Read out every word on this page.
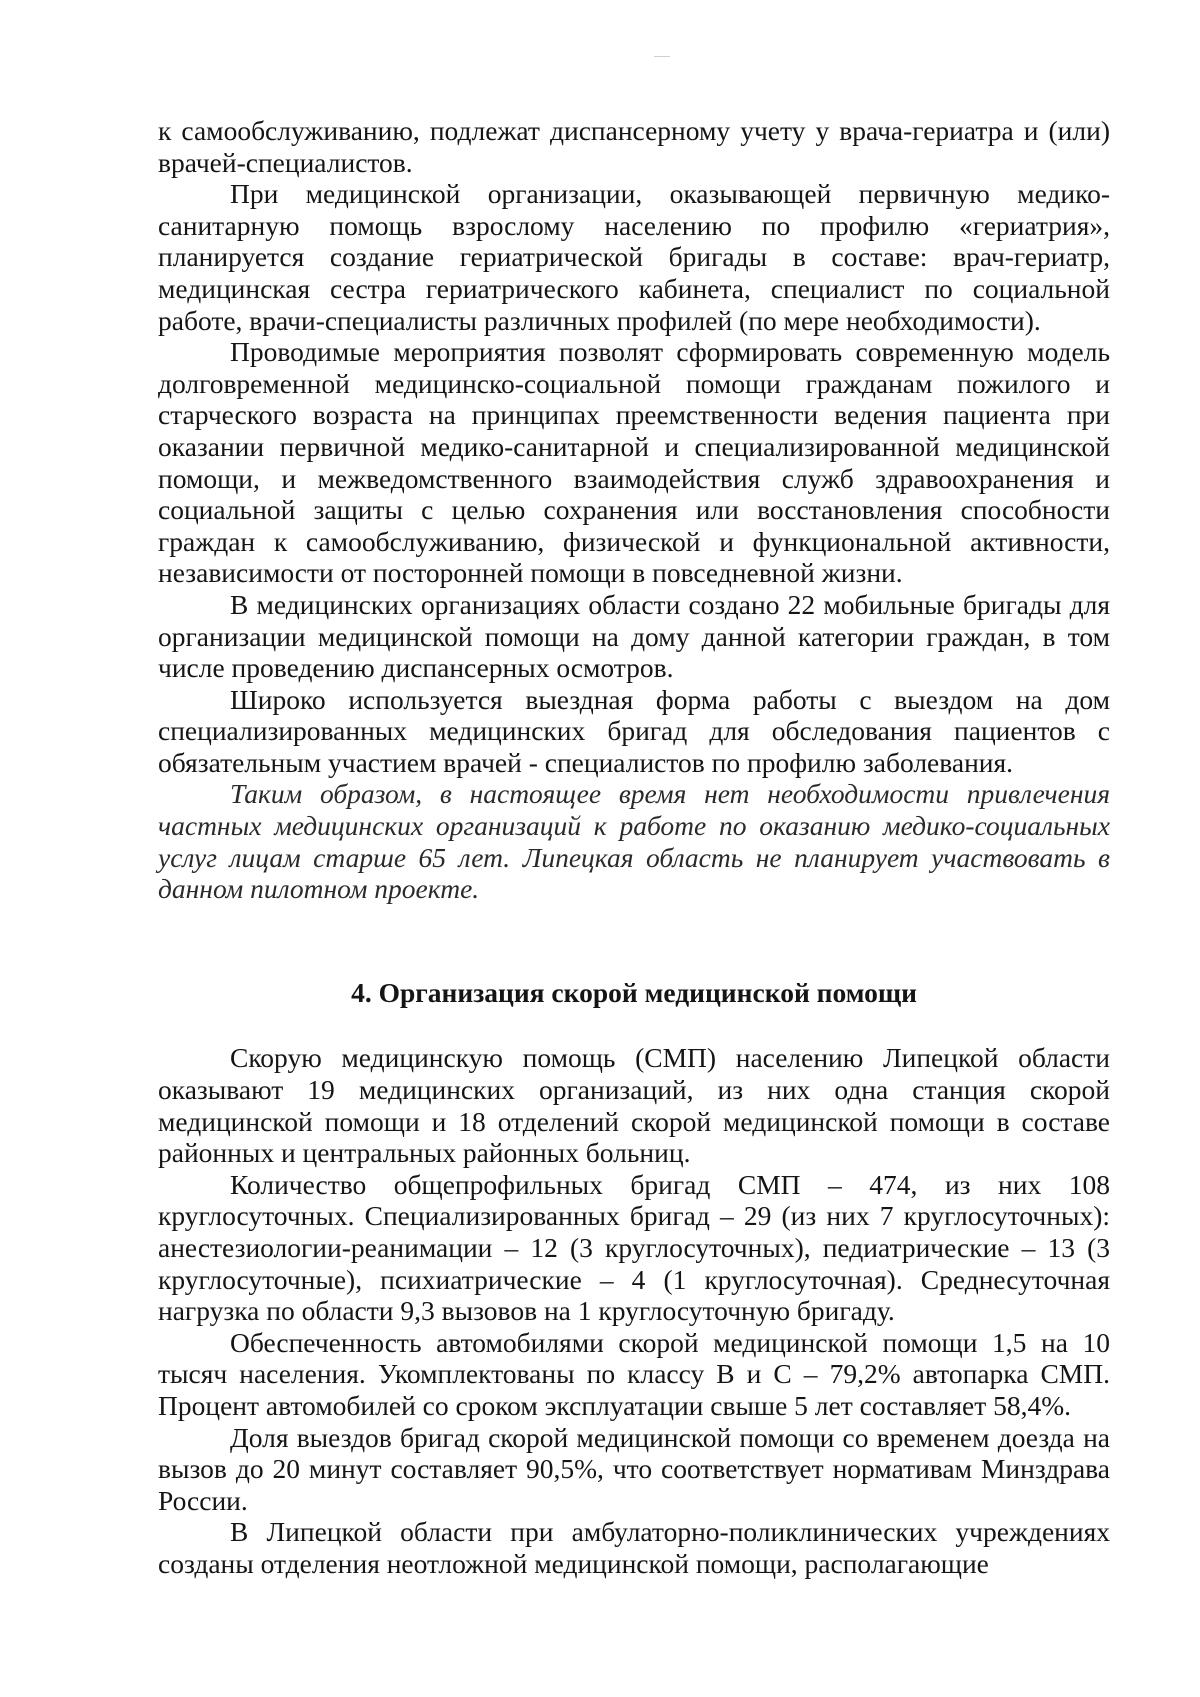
к самообслуживанию, подлежат диспансерному учету у врача-гериатра и (или) врачей-специалистов.

При медицинской организации, оказывающей первичную медико-санитарную помощь взрослому населению по профилю «гериатрия», планируется создание гериатрической бригады в составе: врач-гериатр, медицинская сестра гериатрического кабинета, специалист по социальной работе, врачи-специалисты различных профилей (по мере необходимости).

Проводимые мероприятия позволят сформировать современную модель долговременной медицинско-социальной помощи гражданам пожилого и старческого возраста на принципах преемственности ведения пациента при оказании первичной медико-санитарной и специализированной медицинской помощи, и межведомственного взаимодействия служб здравоохранения и социальной защиты с целью сохранения или восстановления способности граждан к самообслуживанию, физической и функциональной активности, независимости от посторонней помощи в повседневной жизни.

В медицинских организациях области создано 22 мобильные бригады для организации медицинской помощи на дому данной категории граждан, в том числе проведению диспансерных осмотров.

Широко используется выездная форма работы с выездом на дом специализированных медицинских бригад для обследования пациентов с обязательным участием врачей - специалистов по профилю заболевания.

Таким образом, в настоящее время нет необходимости привлечения частных медицинских организаций к работе по оказанию медико-социальных услуг лицам старше 65 лет. Липецкая область не планирует участвовать в данном пилотном проекте.

4. Организация скорой медицинской помощи

Скорую медицинскую помощь (СМП) населению Липецкой области оказывают 19 медицинских организаций, из них одна станция скорой медицинской помощи и 18 отделений скорой медицинской помощи в составе районных и центральных районных больниц.

Количество общепрофильных бригад СМП – 474, из них 108 круглосуточных. Специализированных бригад – 29 (из них 7 круглосуточных): анестезиологии-реанимации – 12 (3 круглосуточных), педиатрические – 13 (3 круглосуточные), психиатрические – 4 (1 круглосуточная). Среднесуточная нагрузка по области 9,3 вызовов на 1 круглосуточную бригаду.

Обеспеченность автомобилями скорой медицинской помощи 1,5 на 10 тысяч населения. Укомплектованы по классу В и С – 79,2% автопарка СМП. Процент автомобилей со сроком эксплуатации свыше 5 лет составляет 58,4%.

Доля выездов бригад скорой медицинской помощи со временем доезда на вызов до 20 минут составляет 90,5%, что соответствует нормативам Минздрава России.

В Липецкой области при амбулаторно-поликлинических учреждениях созданы отделения неотложной медицинской помощи, располагающие
